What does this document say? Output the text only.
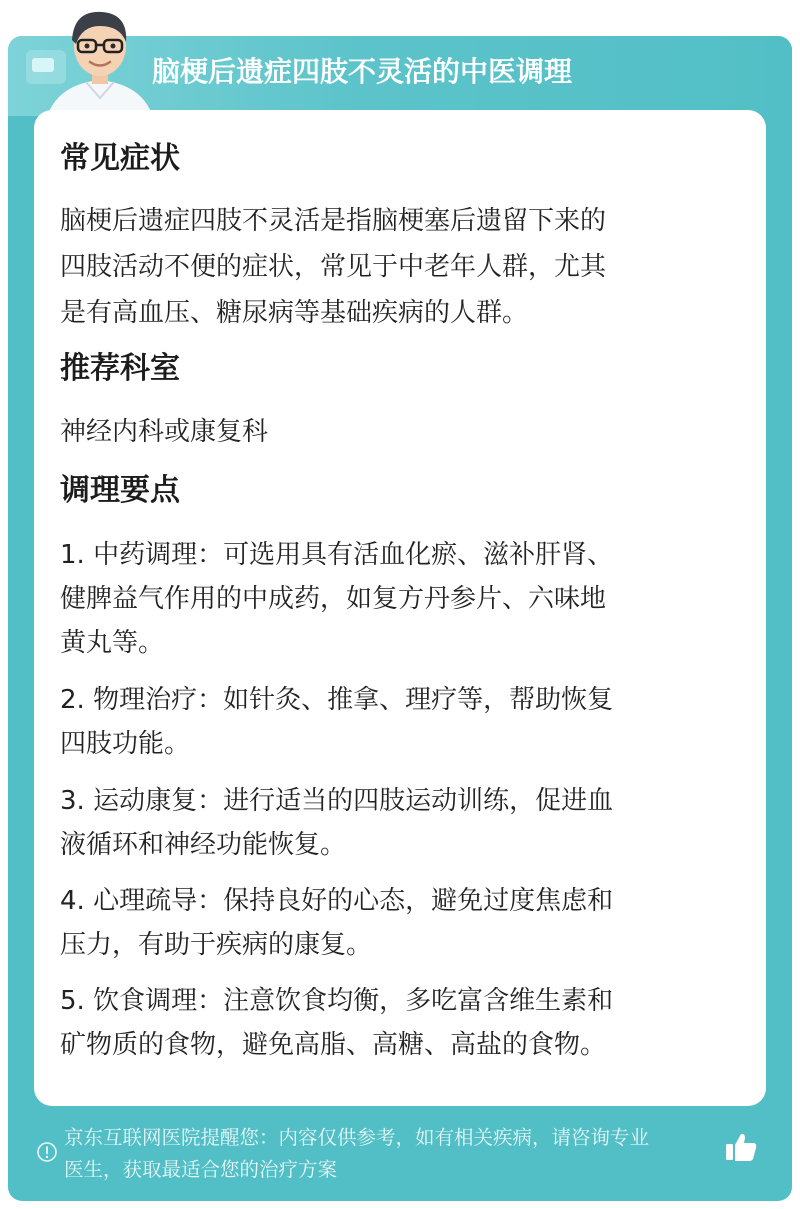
脑梗后遗症四肢不灵活的中医调理
常见症状
脑梗后遗症四肢不灵活是指脑梗塞后遗留下来的
四肢活动不便的症状，常见于中老年人群，尤其
是有高血压、糖尿病等基础疾病的人群。
推荐科室
神经内科或康复科
调理要点
1. 中药调理：可选用具有活血化瘀、滋补肝肾、
健脾益气作用的中成药，如复方丹参片、六味地
黄丸等。
2. 物理治疗：如针灸、推拿、理疗等，帮助恢复
四肢功能。
3. 运动康复：进行适当的四肢运动训练，促进血
液循环和神经功能恢复。
4. 心理疏导：保持良好的心态，避免过度焦虑和
压力，有助于疾病的康复。
5. 饮食调理：注意饮食均衡，多吃富含维生素和
矿物质的食物，避免高脂、高糖、高盐的食物。
京东互联网医院提醒您：内容仅供参考，如有相关疾病，请咨询专业
医生，获取最适合您的治疗方案
